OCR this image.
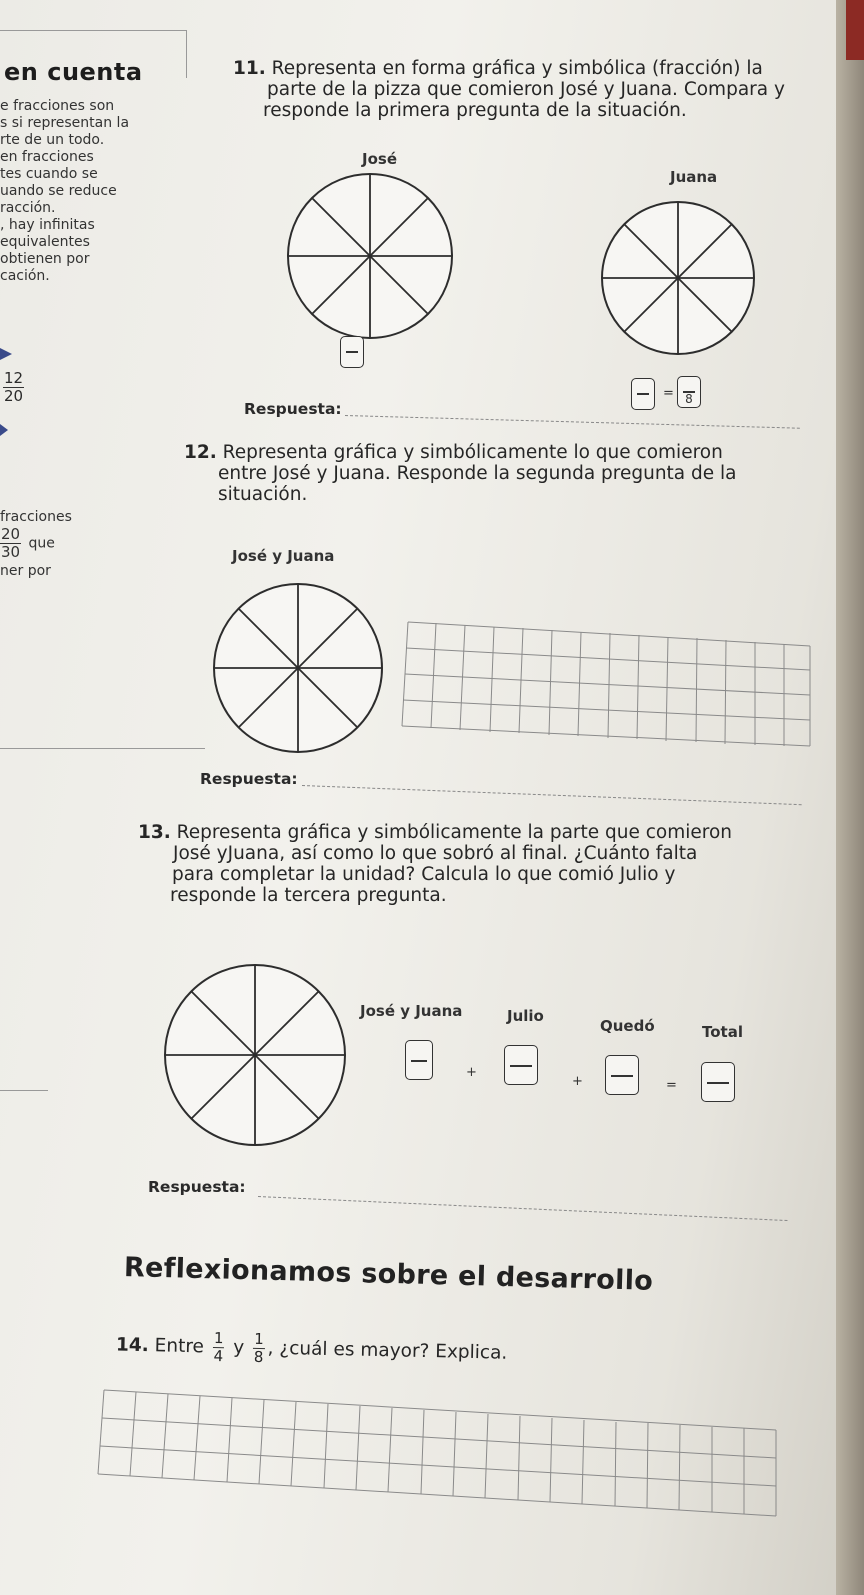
en cuenta
e fracciones son
s si representan la
rte de un todo.
en fracciones
tes cuando se
uando se reduce
racción.
, hay infinitas
equivalentes
obtienen por
cación.
$\frac{12}{20}$
fracciones
$\frac{20}{30}$ que
ner por
11. Representa en forma gráfica y simbólica (fracción) la
parte de la pizza que comieron José y Juana. Compara y
responde la primera pregunta de la situación.
José
Juana
= 8
Respuesta:
12. Representa gráfica y simbólicamente lo que comieron
entre José y Juana. Responde la segunda pregunta de la
situación.
José y Juana
Respuesta:
13. Representa gráfica y simbólicamente la parte que comieron
José yJuana, así como lo que sobró al final. ¿Cuánto falta
para completar la unidad? Calcula lo que comió Julio y
responde la tercera pregunta.
José y Juana	Julio
Quedó	Total
+
+	=
Respuesta:
Reflexionamos sobre el desarrollo
14. Entre $\frac{1}{4}$ y $\frac{1}{8}$ , ¿cuál es mayor? Explica.
